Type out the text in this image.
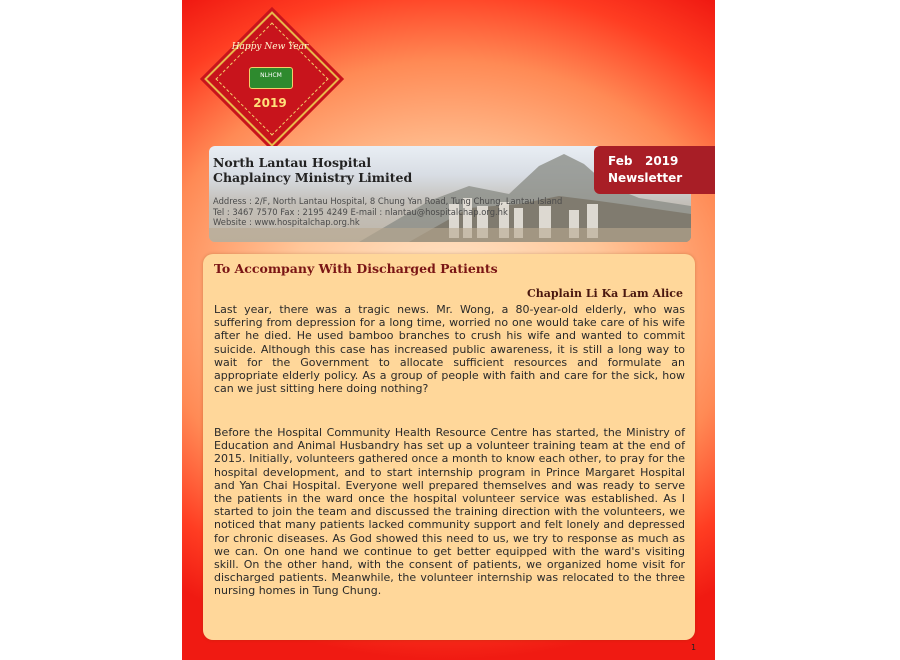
Happy New Year
NLHCM
2019
North Lantau Hospital
Chaplaincy Ministry Limited
Address : 2/F, North Lantau Hospital, 8 Chung Yan Road, Tung Chung, Lantau Island
Tel : 3467 7570 Fax : 2195 4249 E-mail : nlantau@hospitalchap.org.hk
Website : www.hospitalchap.org.hk
Feb   2019
Newsletter
To Accompany With Discharged Patients
Chaplain Li Ka Lam Alice
Last year, there was a tragic news. Mr. Wong, a 80-year-old elderly, who was suffering from depression for a long time, worried no one would take care of his wife after he died. He used bamboo branches to crush his wife and wanted to commit suicide. Although this case has increased public awareness, it is still a long way to wait for the Government to allocate sufficient resources and formulate an appropriate elderly policy. As a group of people with faith and care for the sick, how can we just sitting here doing nothing?
Before the Hospital Community Health Resource Centre has started, the Ministry of Education and Animal Husbandry has set up a volunteer training team at the end of 2015. Initially, volunteers gathered once a month to know each other, to pray for the hospital development, and to start internship program in Prince Margaret Hospital and Yan Chai Hospital. Everyone well prepared themselves and was ready to serve the patients in the ward once the hospital volunteer service was established. As I started to join the team and discussed the training direction with the volunteers, we noticed that many patients lacked community support and felt lonely and depressed for chronic diseases. As God showed this need to us, we try to response as much as we can. On one hand we continue to get better equipped with the ward's visiting skill. On the other hand, with the consent of patients, we organized home visit for discharged patients. Meanwhile, the volunteer internship was relocated to the three nursing homes in Tung Chung.
1
